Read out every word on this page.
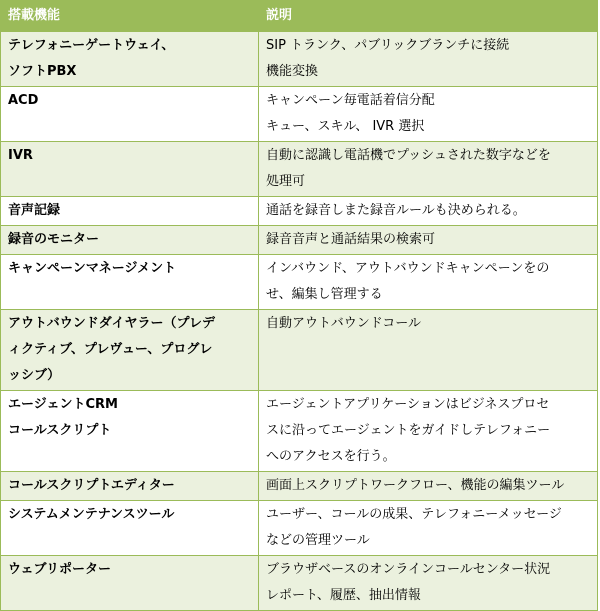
搭載機能	説明

テレフォニーゲートウェイ、
ソフトPBX	SIP トランク、パブリックブランチに接続
機能変換

ACD	キャンペーン毎電話着信分配
キュー、スキル、 IVR 選択

IVR	自動に認識し電話機でプッシュされた数字などを
処理可

音声記録	通話を録音しまた録音ルールも決められる。

録音のモニター	録音音声と通話結果の検索可

キャンペーンマネージメント	インバウンド、アウトバウンドキャンペーンをの
せ、編集し管理する

アウトバウンドダイヤラー（プレデ
ィクティブ、プレヴュー、プログレ
ッシブ）	自動アウトバウンドコール

エージェントCRM
コールスクリプト	エージェントアプリケーションはビジネスプロセ
スに沿ってエージェントをガイドしテレフォニー
へのアクセスを行う。

コールスクリプトエディター	画面上スクリプトワークフロー、機能の編集ツール

システムメンテナンスツール	ユーザー、コールの成果、テレフォニーメッセージ
などの管理ツール

ウェブリポーター	ブラウザベースのオンラインコールセンター状況
レポート、履歴、抽出情報
